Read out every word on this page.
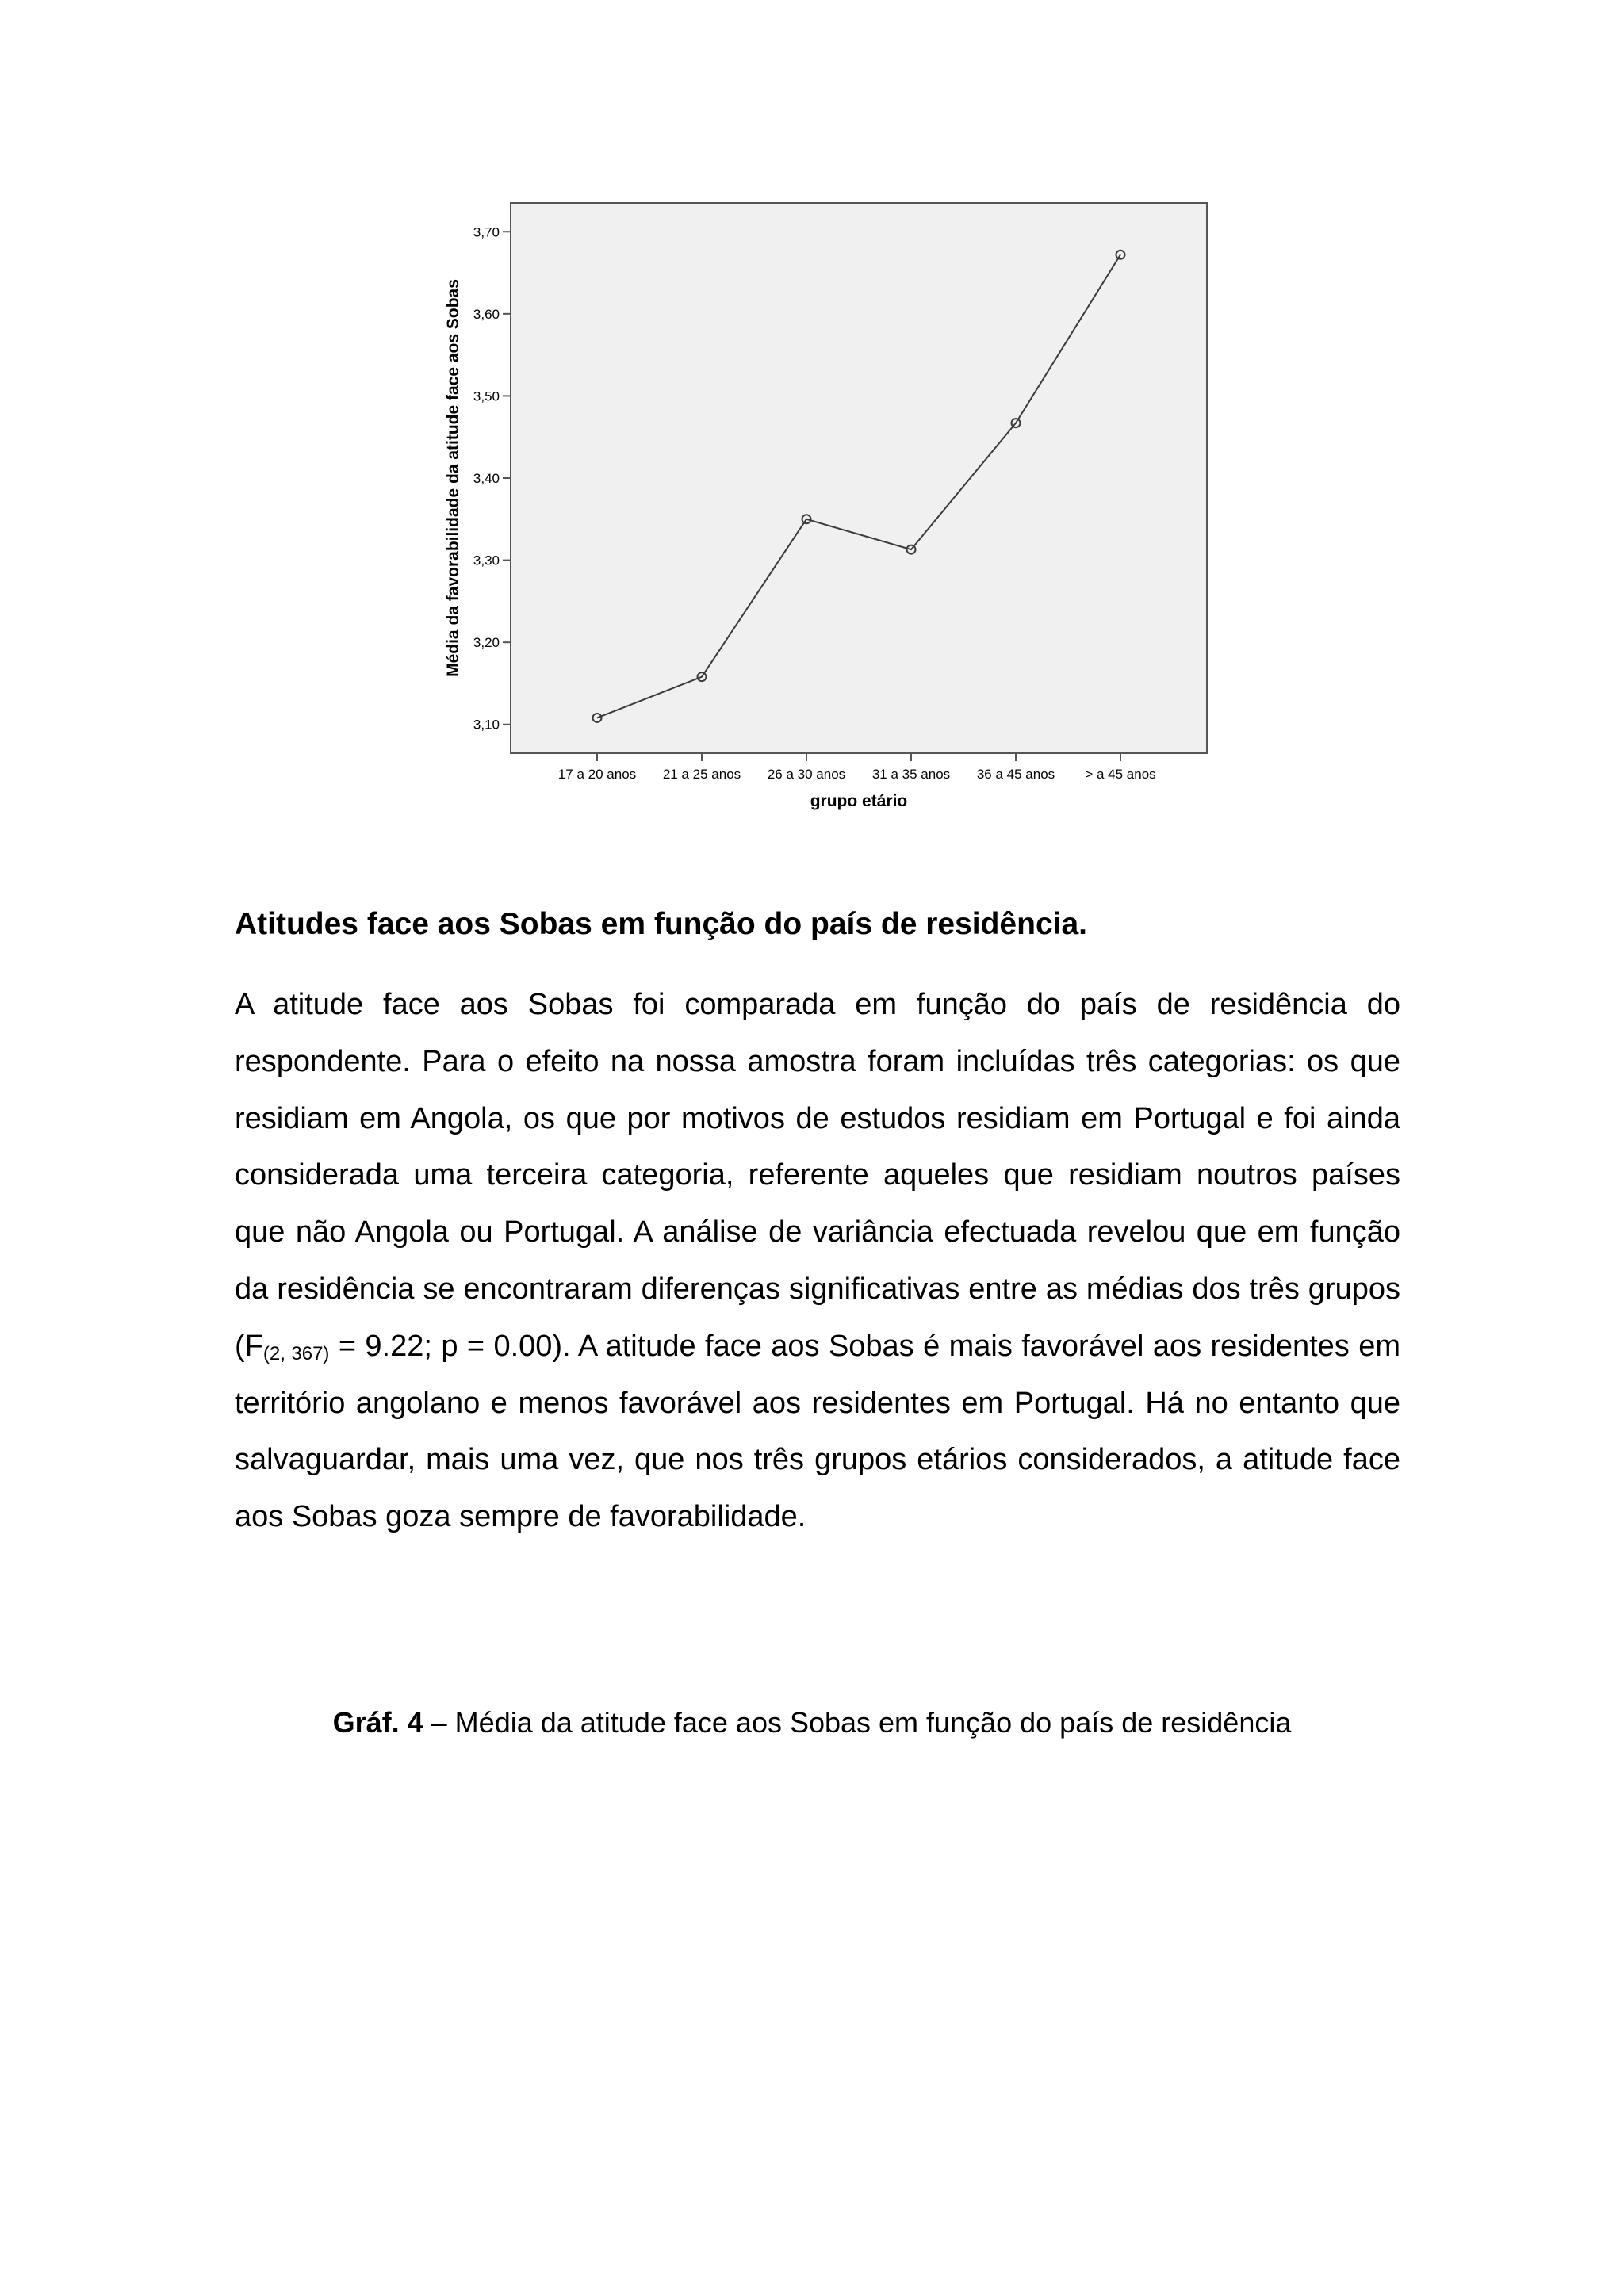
3,10
3,20
3,30
3,40
3,50
3,60
3,70
17 a 20 anos 21 a 25 anos 26 a 30 anos 31 a 35 anos 36 a 45 anos > a 45 anos
grupo etário
Média da favorabilidade da atitude face aos Sobas
Atitudes face aos Sobas em função do país de residência.

A atitude face aos Sobas foi comparada em função do país de residência do respondente. Para o efeito na nossa amostra foram incluídas três categorias: os que residiam em Angola, os que por motivos de estudos residiam em Portugal e foi ainda considerada uma terceira categoria, referente aqueles que residiam noutros países que não Angola ou Portugal. A análise de variância efectuada revelou que em função da residência se encontraram diferenças significativas entre as médias dos três grupos ($F_{(2, 367)} = 9.22$; p = 0.00). A atitude face aos Sobas é mais favorável aos residentes em território angolano e menos favorável aos residentes em Portugal. Há no entanto que salvaguardar, mais uma vez, que nos três grupos etários considerados, a atitude face aos Sobas goza sempre de favorabilidade.

Gráf. 4 – Média da atitude face aos Sobas em função do país de residência
